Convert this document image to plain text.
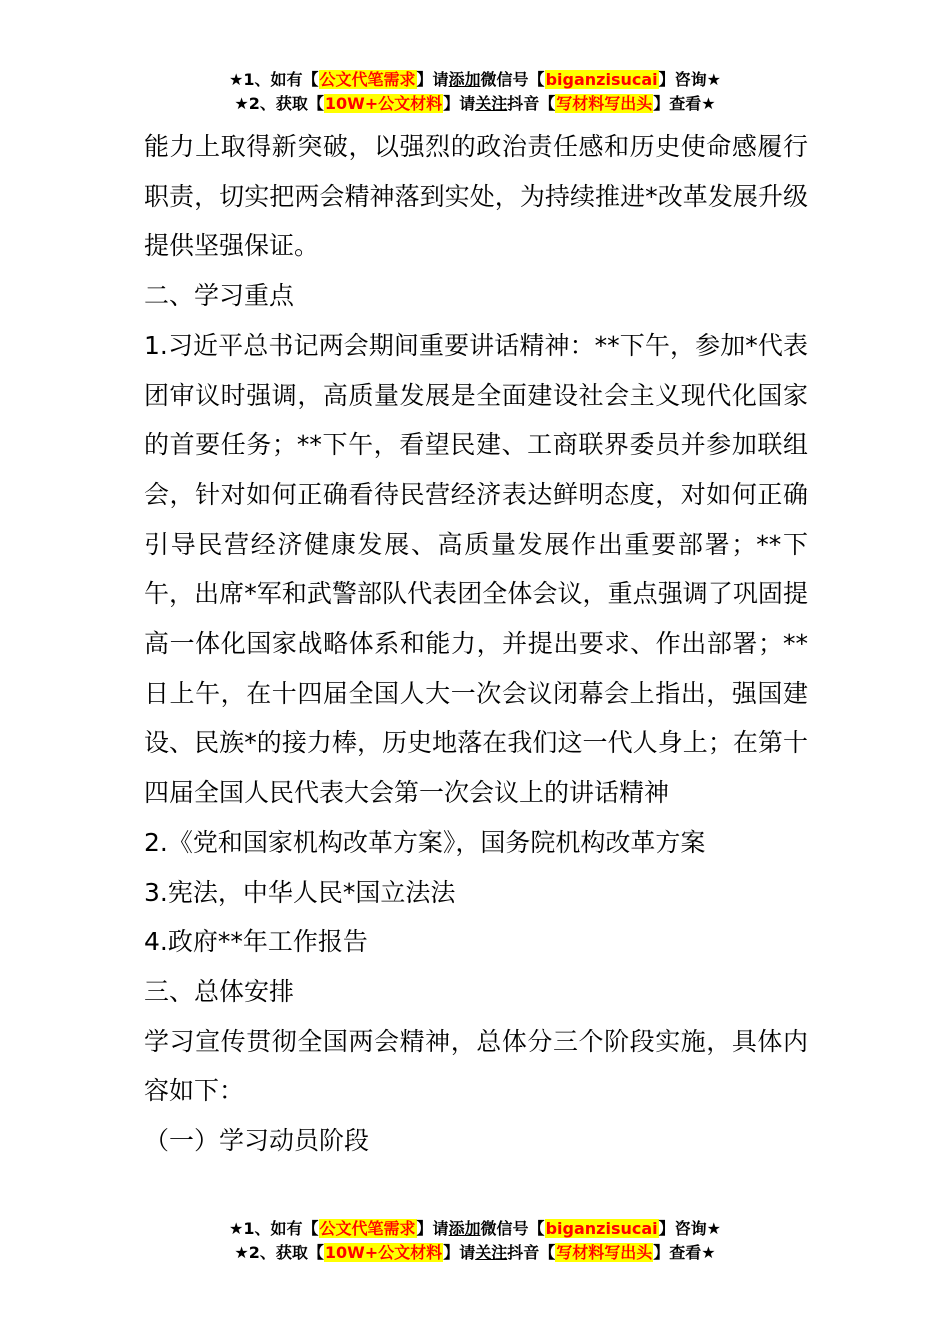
★1、如有【公文代笔需求】请添加微信号【biganzisucai】咨询★
★2、获取【10W+公文材料】请关注抖音【写材料写出头】查看★

能力上取得新突破，以强烈的政治责任感和历史使命感履行职责，切实把两会精神落到实处，为持续推进*改革发展升级提供坚强保证。

二、学习重点

1.习近平总书记两会期间重要讲话精神：**下午，参加*代表团审议时强调，高质量发展是全面建设社会主义现代化国家的首要任务；**下午，看望民建、工商联界委员并参加联组会，针对如何正确看待民营经济表达鲜明态度，对如何正确引导民营经济健康发展、高质量发展作出重要部署；**下午，出席*军和武警部队代表团全体会议，重点强调了巩固提高一体化国家战略体系和能力，并提出要求、作出部署；**日上午，在十四届全国人大一次会议闭幕会上指出，强国建设、民族*的接力棒，历史地落在我们这一代人身上；在第十四届全国人民代表大会第一次会议上的讲话精神

2.《党和国家机构改革方案》，国务院机构改革方案

3.宪法，中华人民*国立法法

4.政府**年工作报告

三、总体安排

学习宣传贯彻全国两会精神，总体分三个阶段实施，具体内容如下：

（一）学习动员阶段

★1、如有【公文代笔需求】请添加微信号【biganzisucai】咨询★
★2、获取【10W+公文材料】请关注抖音【写材料写出头】查看★
